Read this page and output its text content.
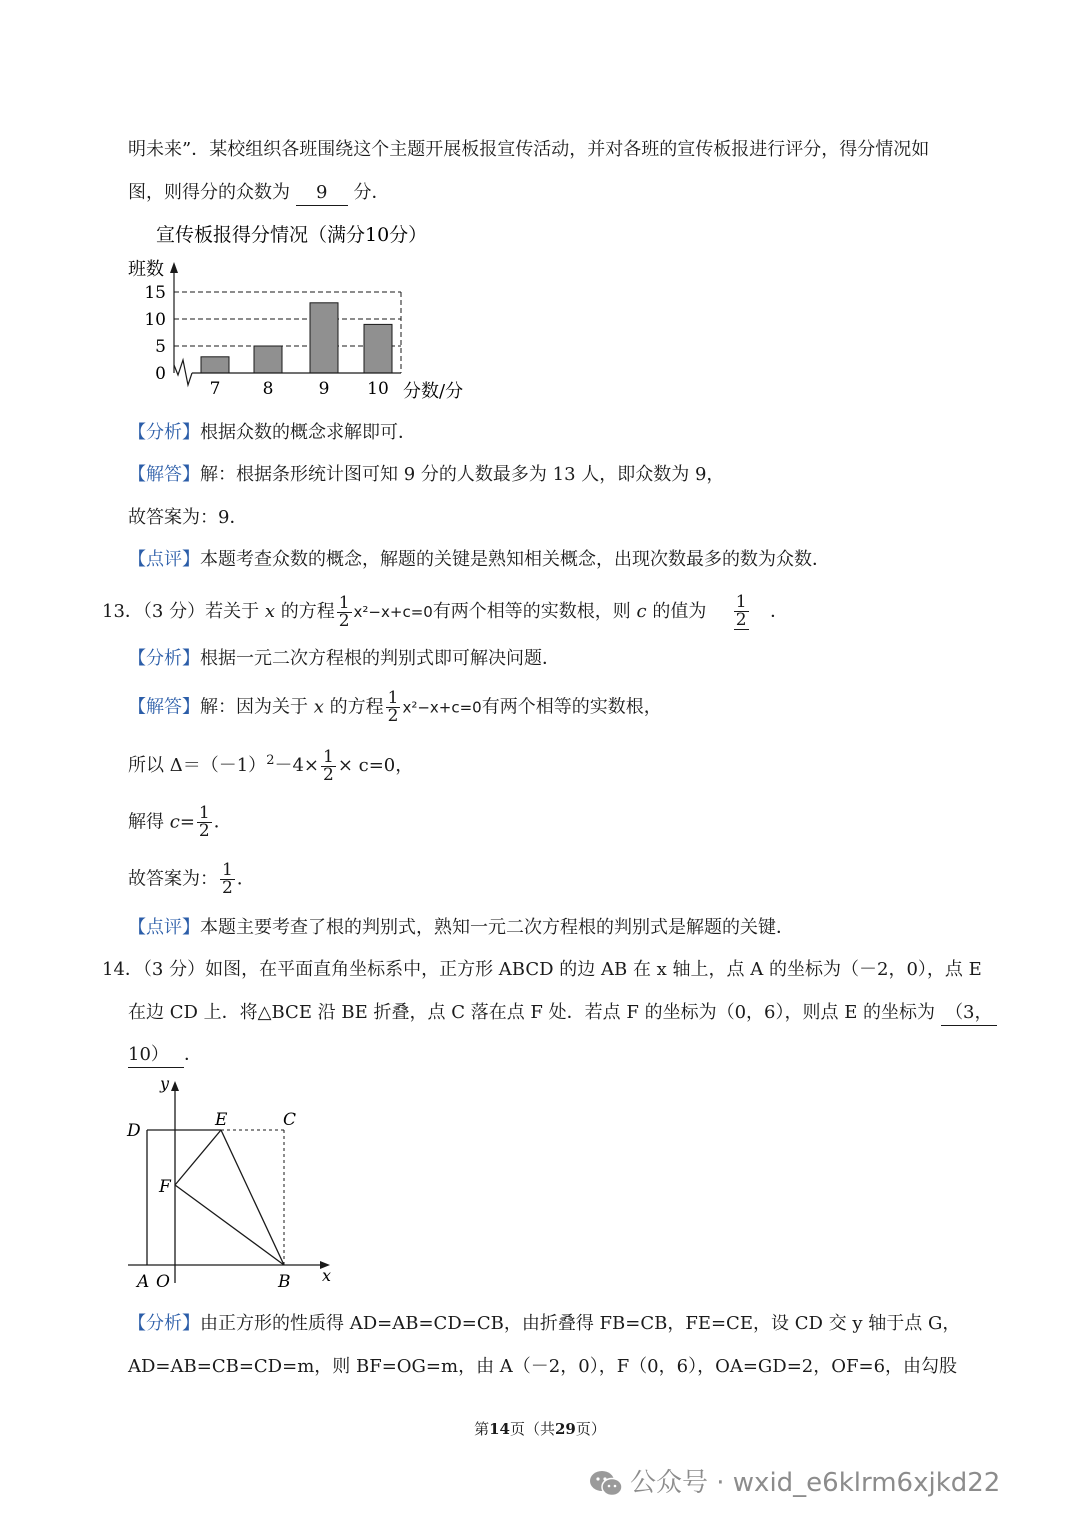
明未来”．某校组织各班围绕这个主题开展板报宣传活动，并对各班的宣传板报进行评分，得分情况如
图，则得分的众数为 9 分．
宣传板报得分情况（满分10分）
班数
分数/分
0
5
10
15
7 8	9 10
【分析】根据众数的概念求解即可．
【解答】解：根据条形统计图可知 9 分的人数最多为 13 人，即众数为 9，
故答案为：9．
【点评】本题考查众数的概念，解题的关键是熟知相关概念，出现次数最多的数为众数．
13．（3 分）若关于 x 的方程 $\frac{1}{2} x^2-x+c=0$有两个相等的实数根，则 c 的值为 $\frac{1}{2}$ ．
【分析】根据一元二次方程根的判别式即可解决问题．
【解答】解：因为关于 x 的方程 $\frac{1}{2} x^2-x+c=0$有两个相等的实数根，
所以 $\Delta=(-1)^2-4\times \frac{1}{2} \times c=0$，
解得 $c= \frac{1}{2}$ ．
故答案为： $\frac{1}{2}$ ．
【点评】本题主要考查了根的判别式，熟知一元二次方程根的判别式是解题的关键．
14．（3 分）如图，在平面直角坐标系中，正方形 ABCD 的边 AB 在 x 轴上，点 A 的坐标为（－2，0），点 E
在边 CD 上．将△BCE 沿 BE 折叠，点 C 落在点 F 处．若点 F 的坐标为（0，6），则点 E 的坐标为 （3，
10） ．
y
x
D
E	C
F
A O	B
【分析】由正方形的性质得 AD=AB=CD=CB，由折叠得 FB=CB，FE=CE，设 CD 交 y 轴于点 G，
AD=AB=CB=CD=m，则 BF=OG=m，由 A（－2，0），F（0，6），OA=GD=2，OF=6，由勾股
第14页（共29页）
公众号 · wxid_e6klrm6xjkd22
